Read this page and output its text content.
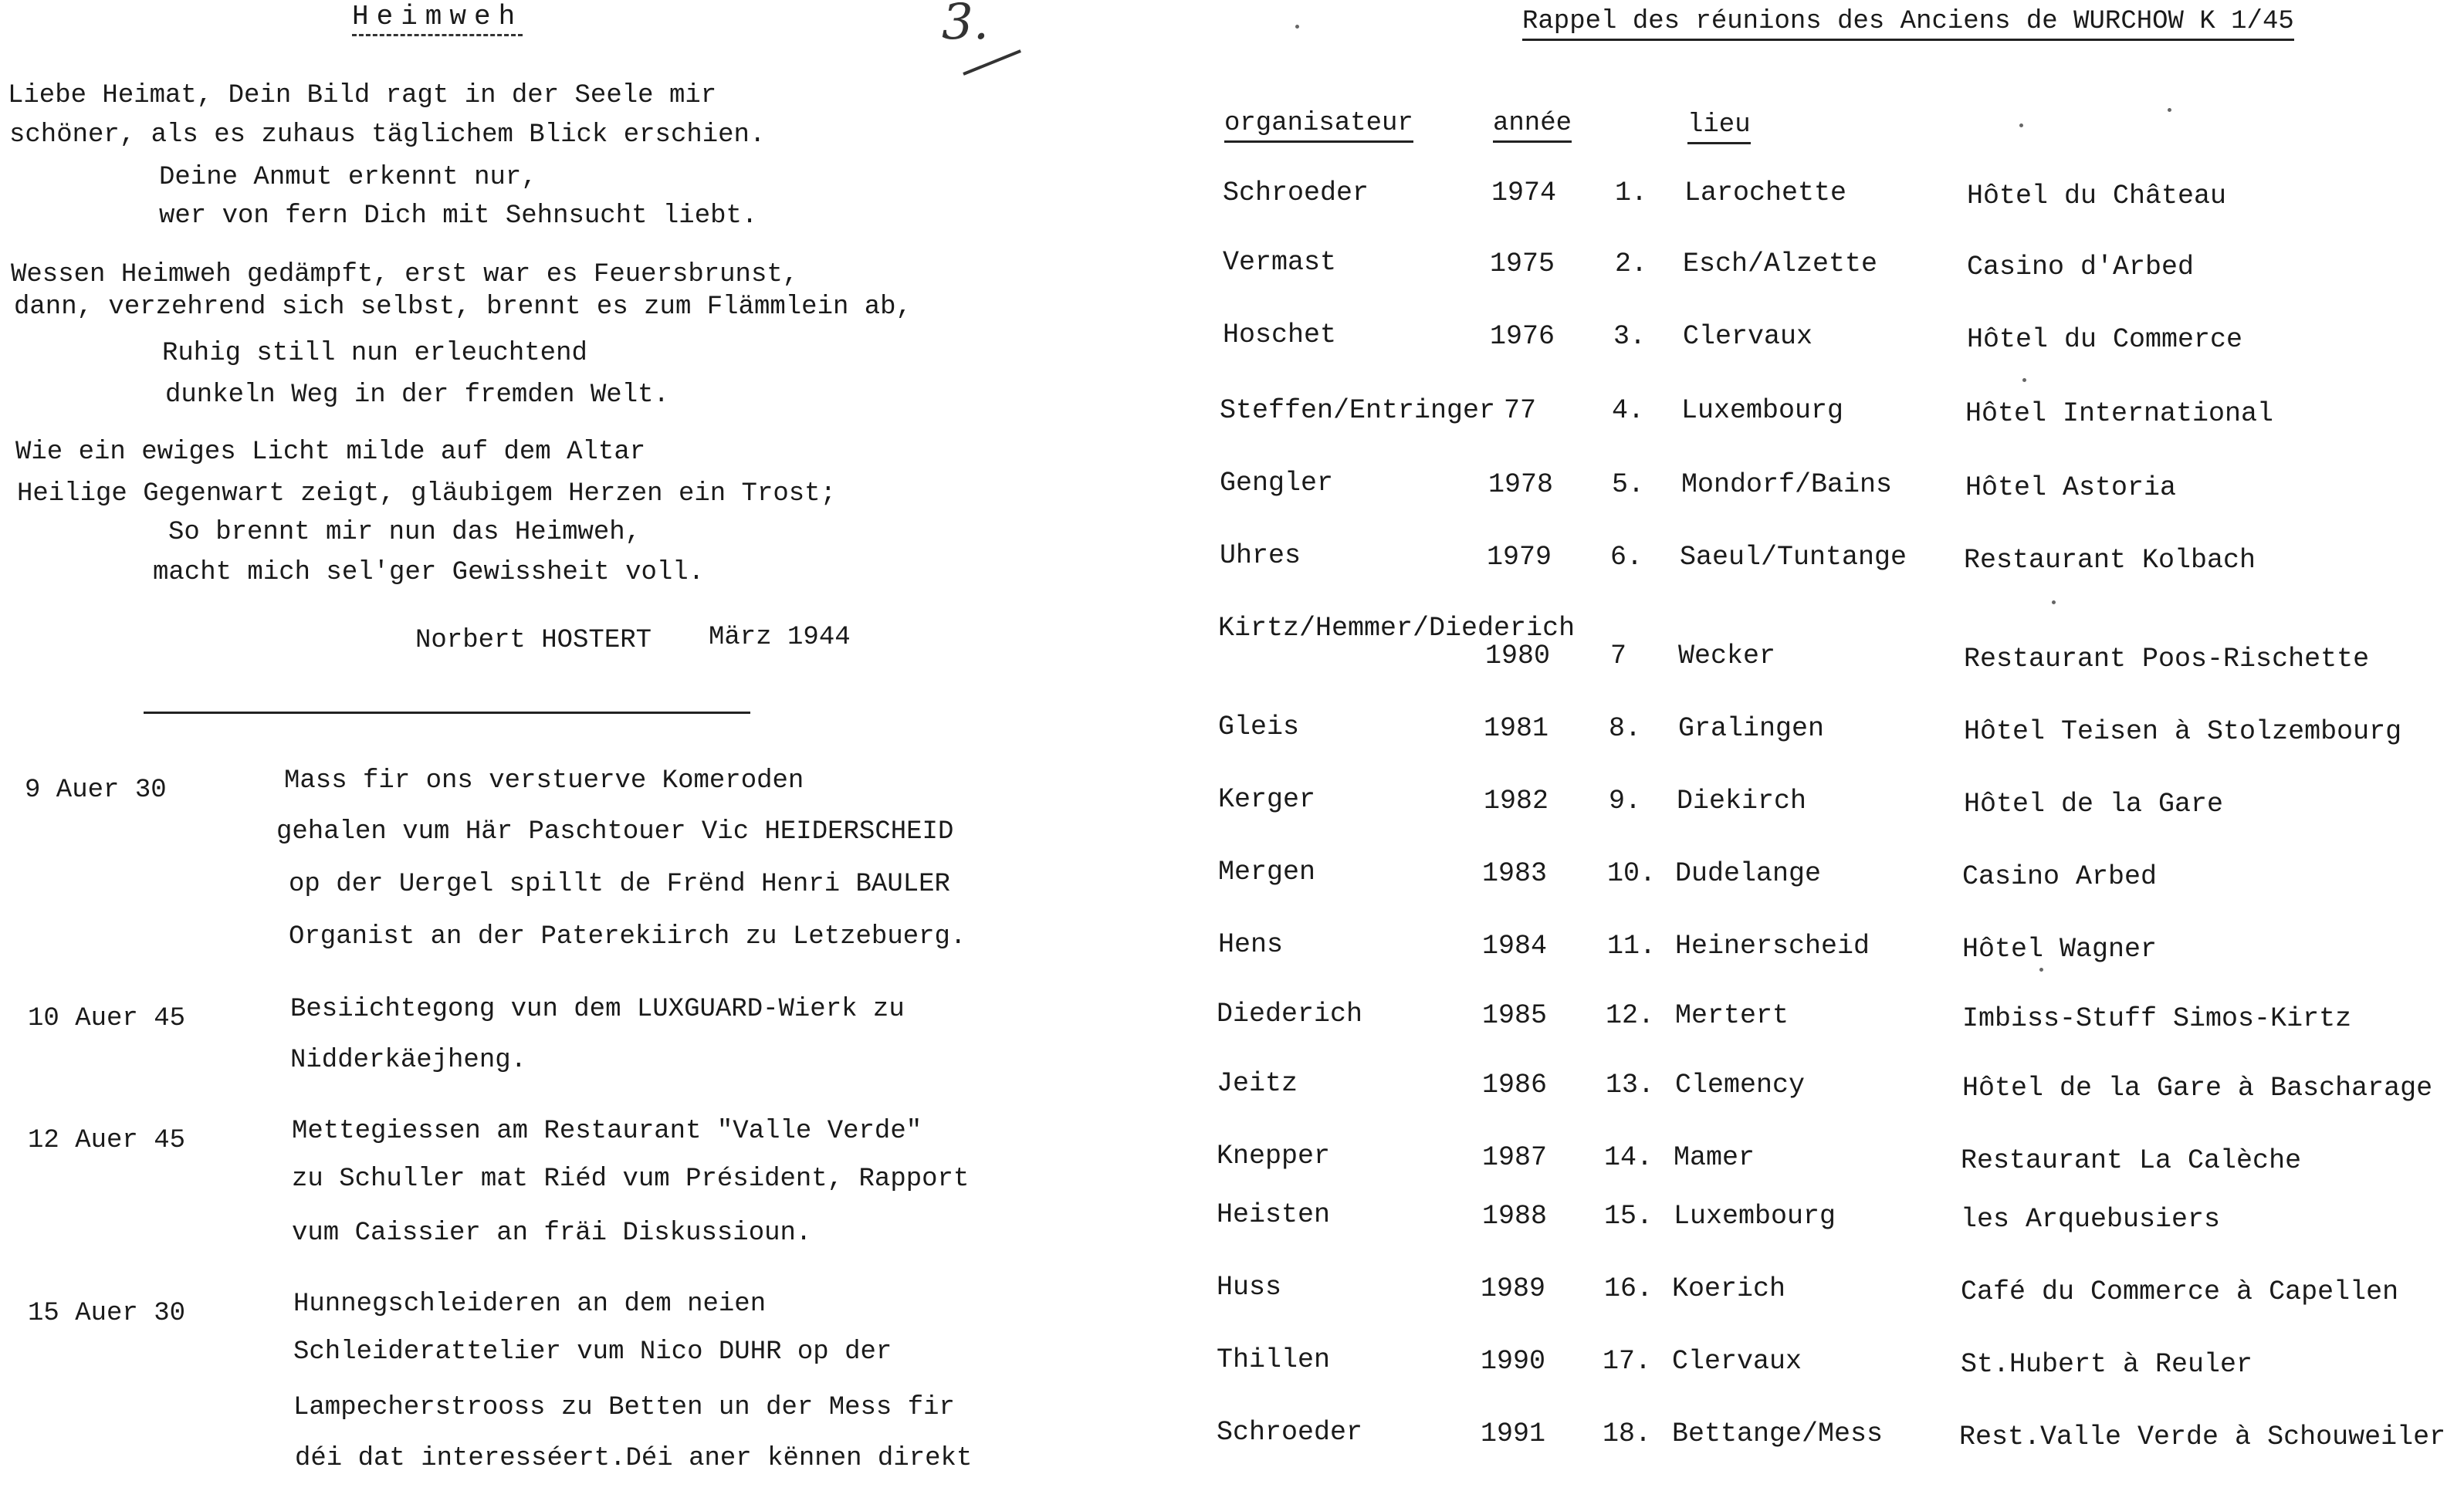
Heimweh
Liebe Heimat, Dein Bild ragt in der Seele mir
schöner, als es zuhaus täglichem Blick erschien.
Deine Anmut erkennt nur,
wer von fern Dich mit Sehnsucht liebt.
Wessen Heimweh gedämpft, erst war es Feuersbrunst,
dann, verzehrend sich selbst, brennt es zum Flämmlein ab,
Ruhig still nun erleuchtend
dunkeln Weg in der fremden Welt.
Wie ein ewiges Licht milde auf dem Altar
Heilige Gegenwart zeigt, gläubigem Herzen ein Trost;
So brennt mir nun das Heimweh,
macht mich sel'ger Gewissheit voll.
Norbert HOSTERT März 1944
9 Auer 30	Mass fir ons verstuerve Komeroden
gehalen vum Här Paschtouer Vic HEIDERSCHEID
op der Uergel spillt de Frënd Henri BAULER
Organist an der Paterekiirch zu Letzebuerg.
10 Auer 45	Besiichtegong vun dem LUXGUARD-Wierk zu
Nidderkäejheng.
12 Auer 45	Mettegiessen am Restaurant "Valle Verde"
zu Schuller mat Riéd vum Président, Rapport
vum Caissier an fräi Diskussioun.
15 Auer 30	Hunnegschleideren an dem neien
Schleiderattelier vum Nico DUHR op der
Lampecherstrooss zu Betten un der Mess fir
déi dat interesséert.Déi aner kënnen direkt
3.	Rappel des réunions des Anciens de WURCHOW K 1/45
organisateur	année	lieu
Schroeder	1974 1. Larochette	Hôtel du Château
Vermast	1975 2. Esch/Alzette	Casino d'Arbed
Hoschet	1976 3. Clervaux	Hôtel du Commerce
Steffen/Entringer 77	4. Luxembourg	Hôtel International
Gengler	1978 5. Mondorf/Bains	Hôtel Astoria
Uhres	1979 6. Saeul/Tuntange Restaurant Kolbach
Kirtz/Hemmer/Diederich
1980 7 Wecker	Restaurant Poos-Rischette
Gleis	1981 8. Gralingen	Hôtel Teisen à Stolzembourg
Kerger	1982 9. Diekirch	Hôtel de la Gare
Mergen	1983 10. Dudelange	Casino Arbed
Hens	1984 11. Heinerscheid	Hôtel Wagner
Diederich	1985 12. Mertert	Imbiss-Stuff Simos-Kirtz
Jeitz	1986 13. Clemency	Hôtel de la Gare à Bascharage
Knepper	1987 14. Mamer	Restaurant La Calèche
Heisten	1988 15. Luxembourg	les Arquebusiers
Huss	1989 16. Koerich	Café du Commerce à Capellen
Thillen	1990 17. Clervaux	St.Hubert à Reuler
Schroeder	1991 18. Bettange/Mess	Rest.Valle Verde à Schouweiler
